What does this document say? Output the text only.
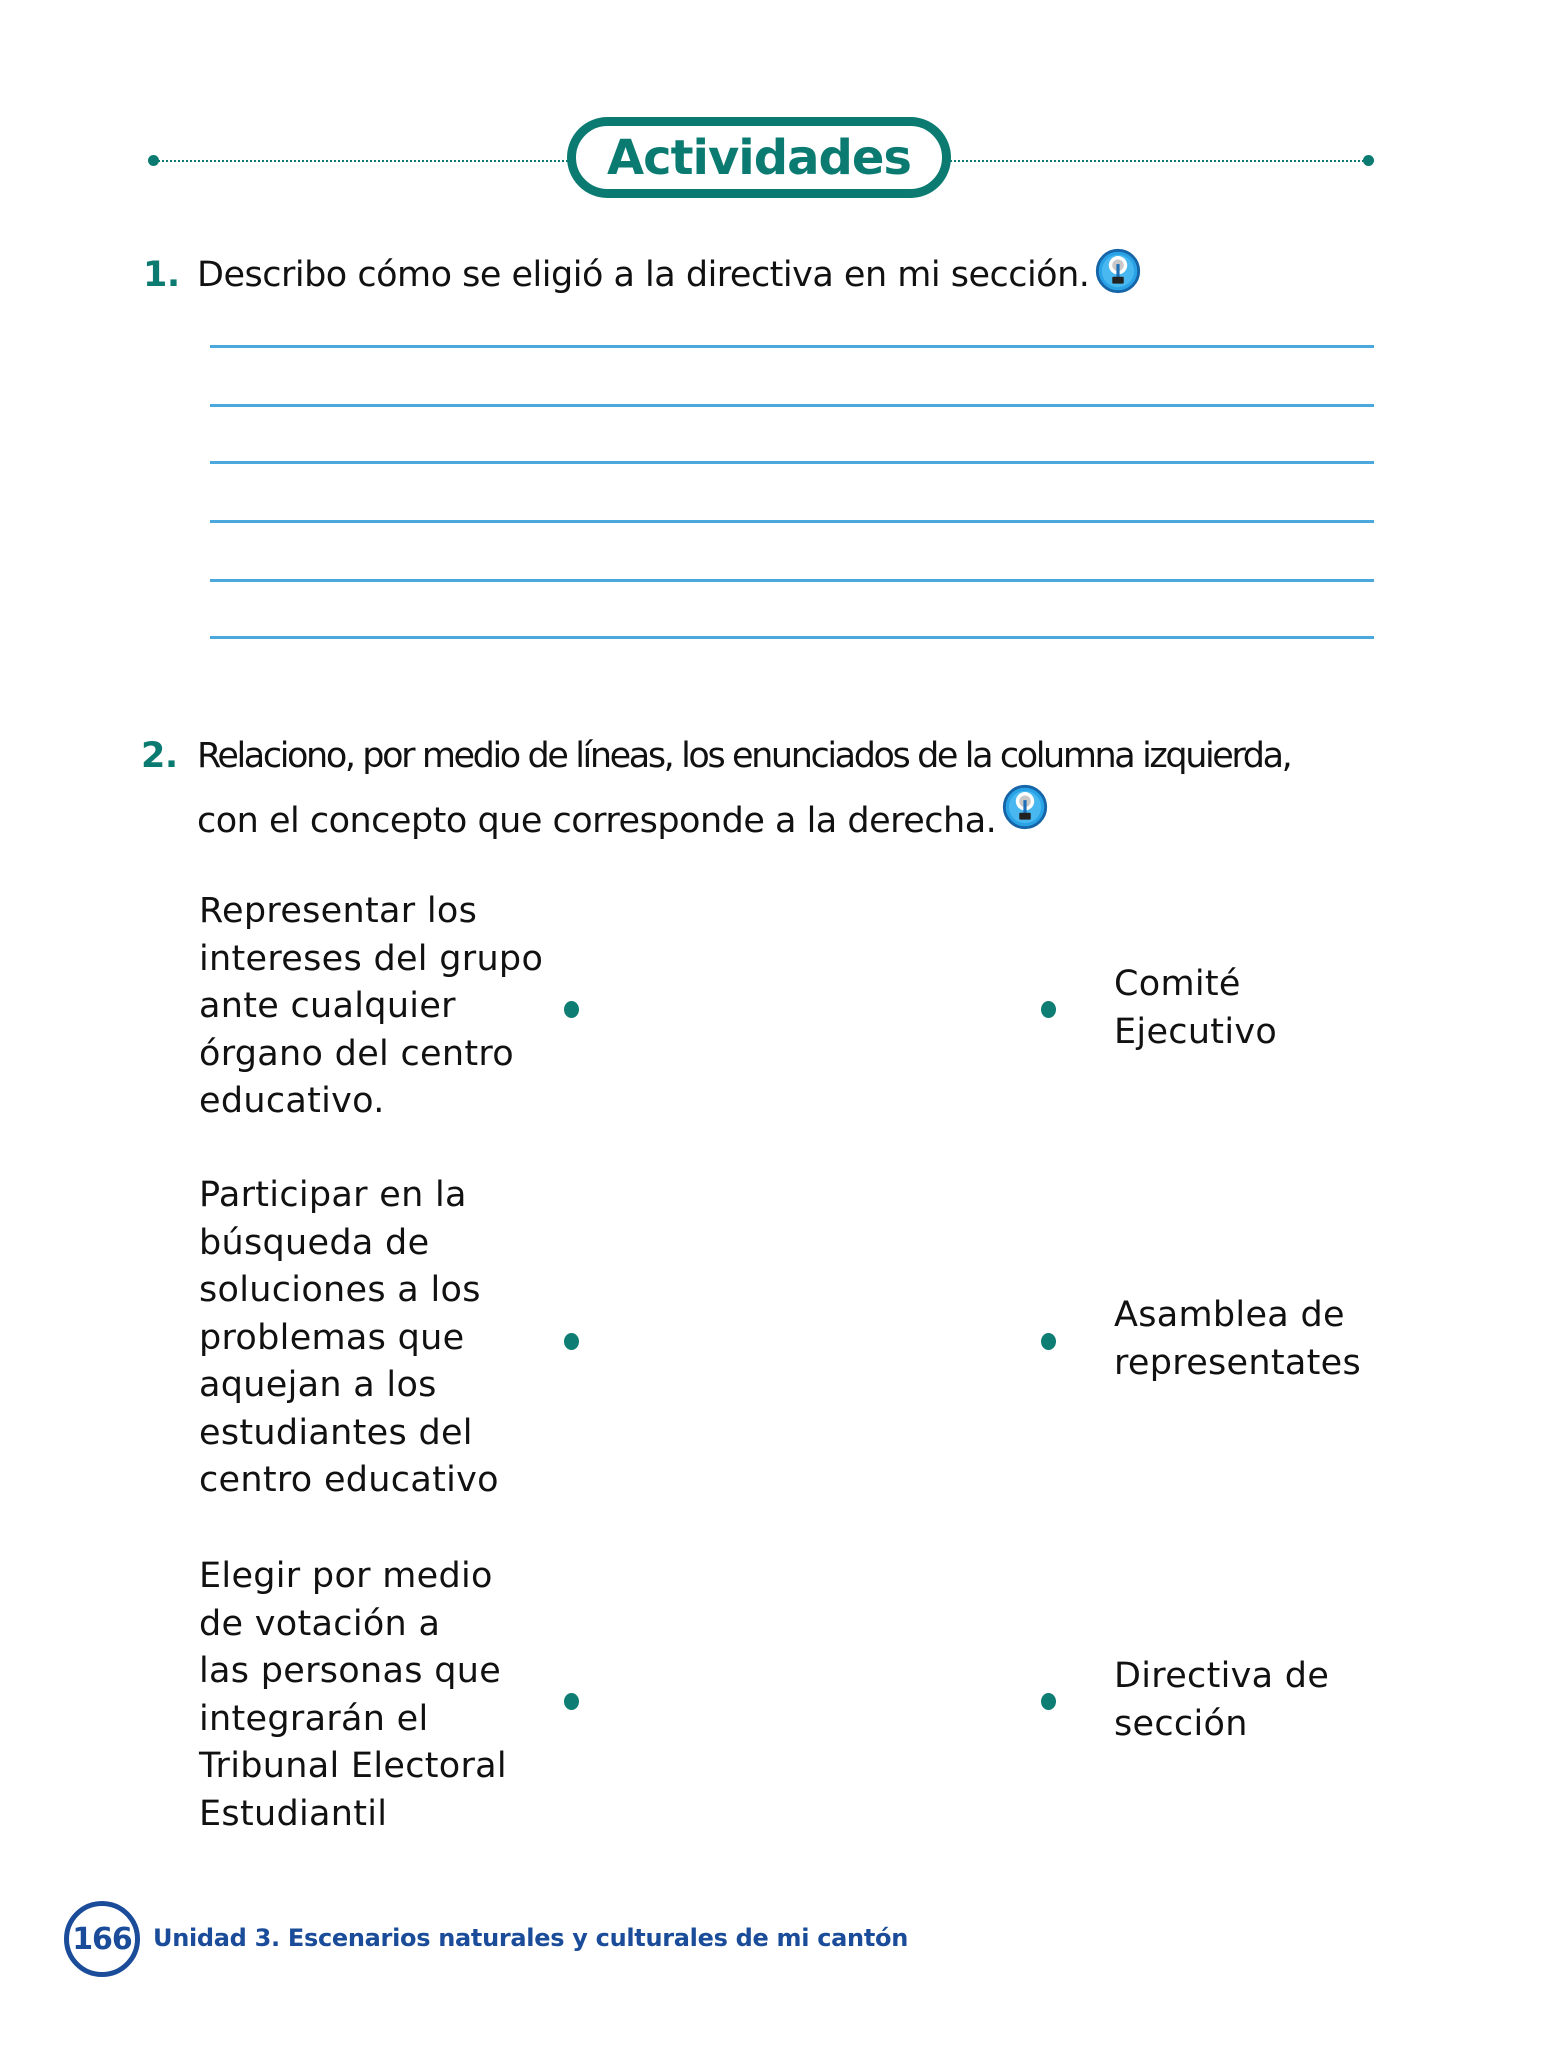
Actividades
1. Describo cómo se eligió a la directiva en mi sección.
2. Relaciono, por medio de líneas, los enunciados de la columna izquierda,
con el concepto que corresponde a la derecha.
Representar los
intereses del grupo
ante cualquier
órgano del centro
educativo.
Participar en la
búsqueda de
soluciones a los
problemas que
aquejan a los
estudiantes del
centro educativo
Elegir por medio
de votación a
las personas que
integrarán el
Tribunal Electoral
Estudiantil
Comité
Ejecutivo
Asamblea de
representates
Directiva de
sección
166 Unidad 3. Escenarios naturales y culturales de mi cantón
